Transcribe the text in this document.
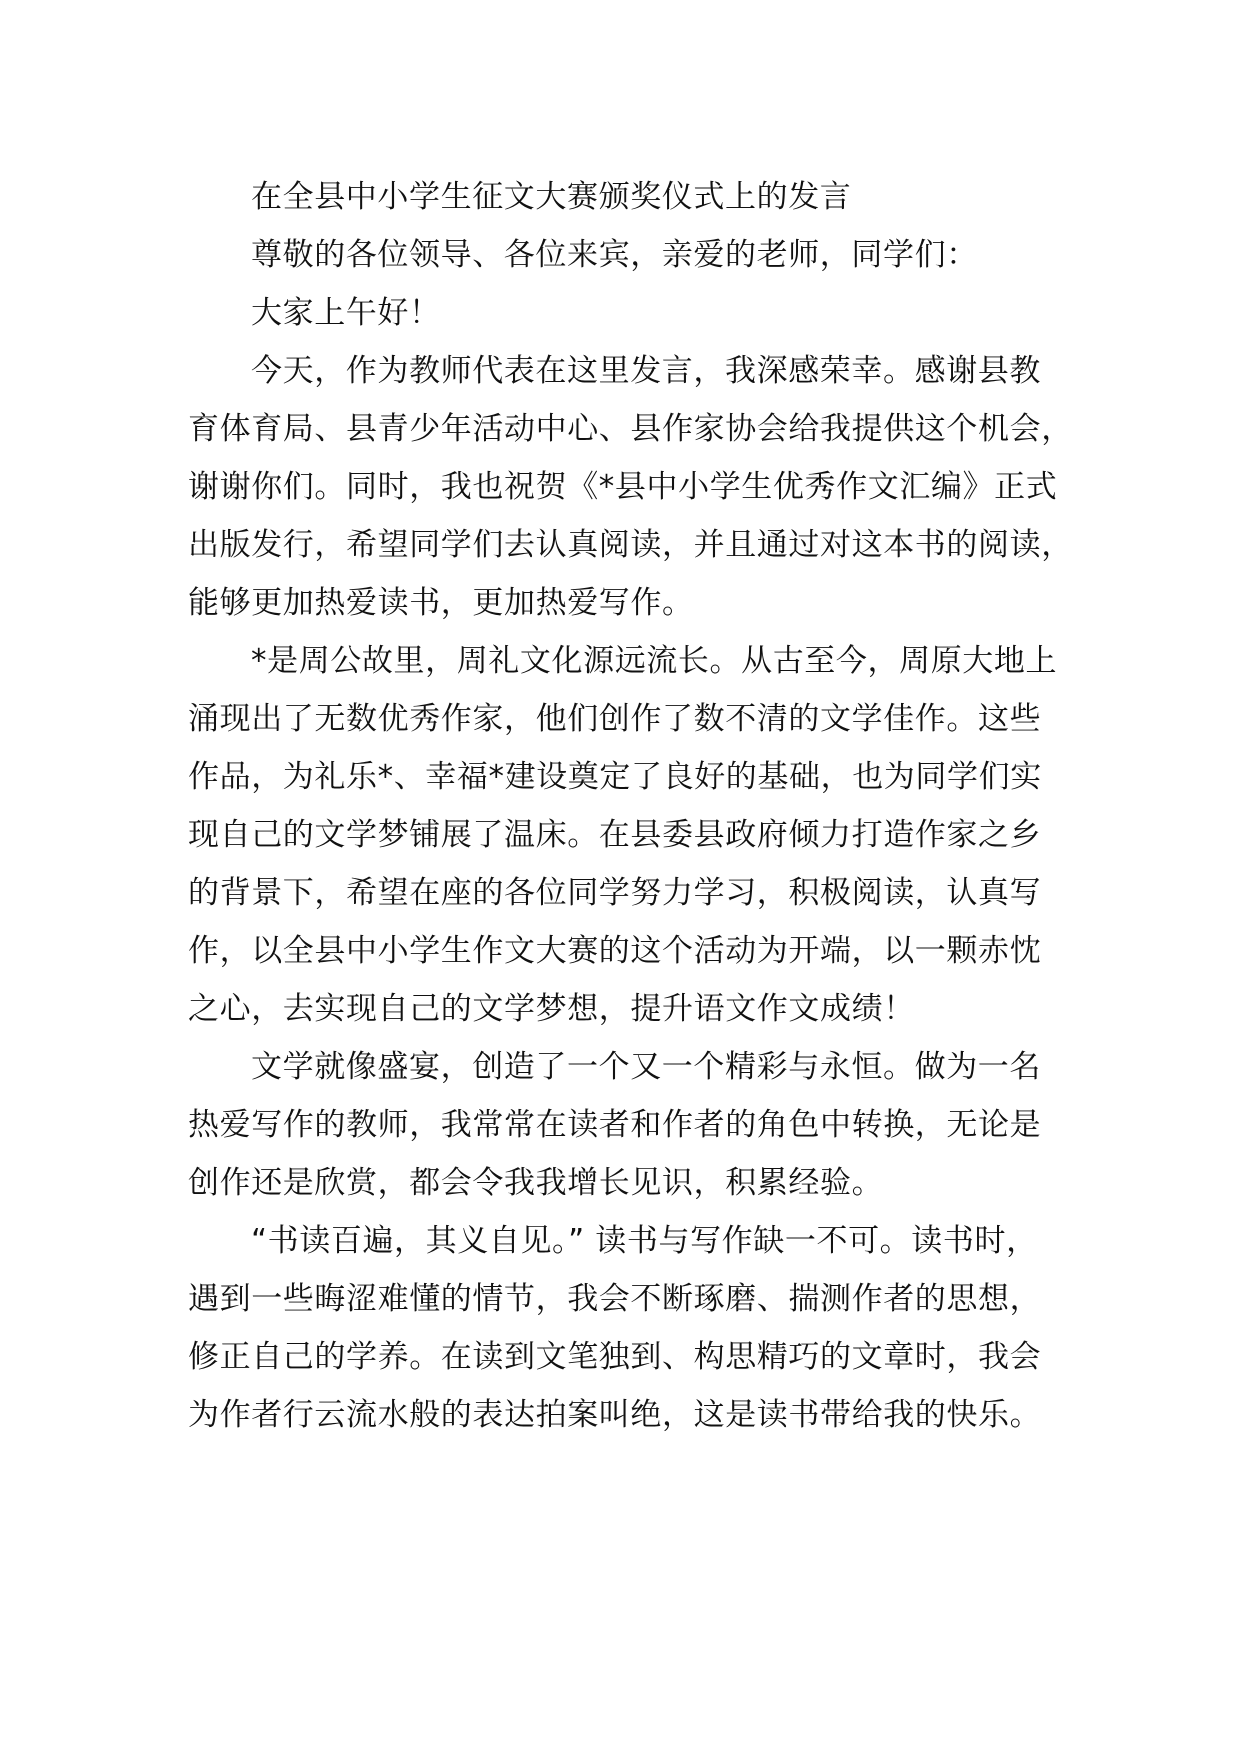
在全县中小学生征文大赛颁奖仪式上的发言
尊敬的各位领导、各位来宾，亲爱的老师，同学们：
大家上午好！
今天，作为教师代表在这里发言，我深感荣幸。感谢县教
育体育局、县青少年活动中心、县作家协会给我提供这个机会，
谢谢你们。同时，我也祝贺《*县中小学生优秀作文汇编》正式
出版发行，希望同学们去认真阅读，并且通过对这本书的阅读，
能够更加热爱读书，更加热爱写作。
*是周公故里，周礼文化源远流长。从古至今，周原大地上
涌现出了无数优秀作家，他们创作了数不清的文学佳作。这些
作品，为礼乐*、幸福*建设奠定了良好的基础，也为同学们实
现自己的文学梦铺展了温床。在县委县政府倾力打造作家之乡
的背景下，希望在座的各位同学努力学习，积极阅读，认真写
作，以全县中小学生作文大赛的这个活动为开端，以一颗赤忱
之心，去实现自己的文学梦想，提升语文作文成绩！
文学就像盛宴，创造了一个又一个精彩与永恒。做为一名
热爱写作的教师，我常常在读者和作者的角色中转换，无论是
创作还是欣赏，都会令我我增长见识，积累经验。
“书读百遍，其义自见。” 读书与写作缺一不可。读书时，
遇到一些晦涩难懂的情节，我会不断琢磨、揣测作者的思想，
修正自己的学养。在读到文笔独到、构思精巧的文章时，我会
为作者行云流水般的表达拍案叫绝，这是读书带给我的快乐。
